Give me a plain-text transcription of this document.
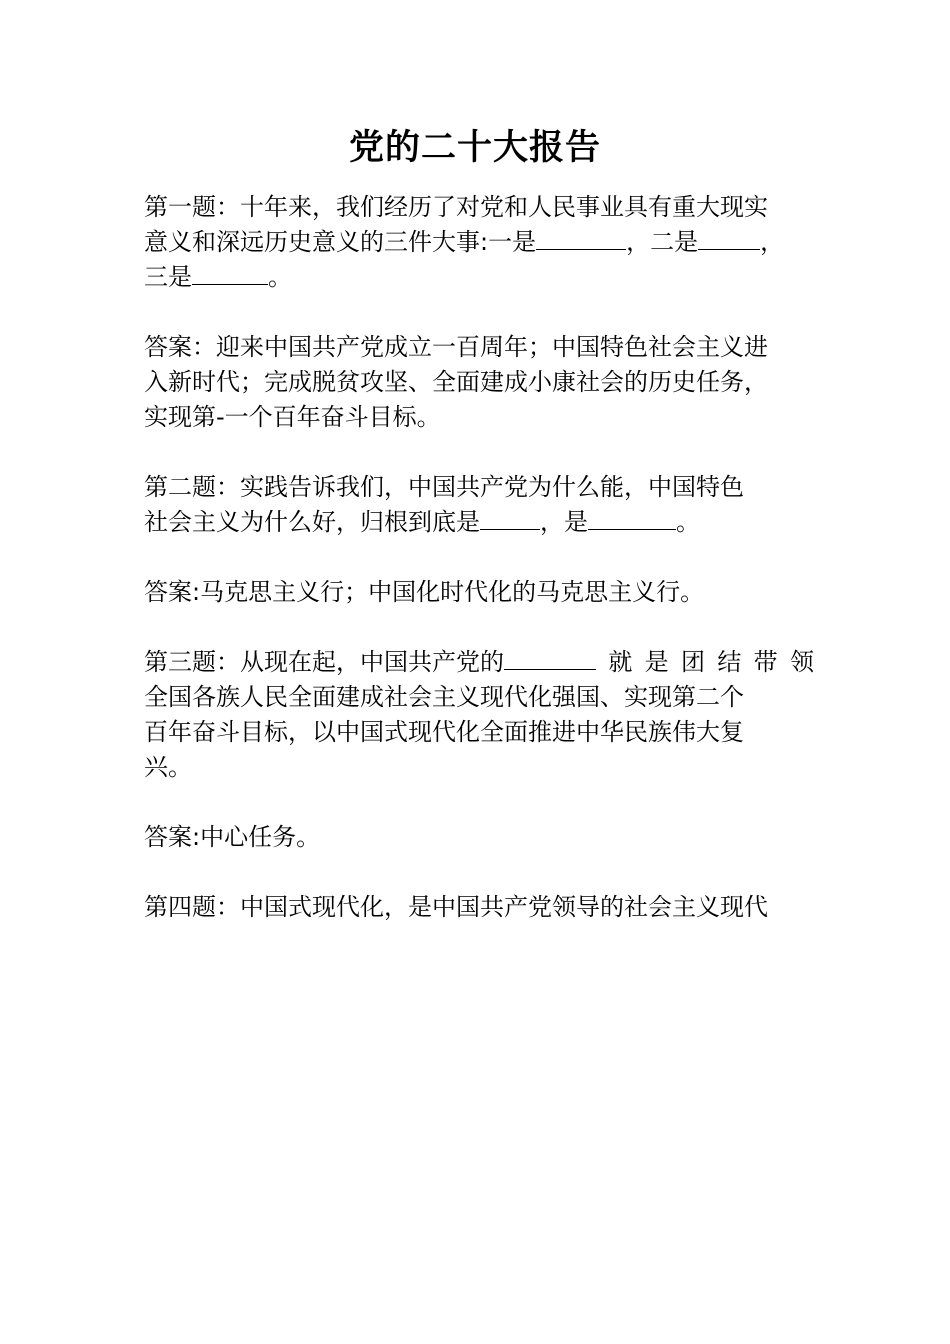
党的二十大报告

第一题：十年来，我们经历了对党和人民事业具有重大现实
意义和深远历史意义的三件大事:一是	，二是	，
三是	。

答案：迎来中国共产党成立一百周年；中国特色社会主义进
入新时代；完成脱贫攻坚、全面建成小康社会的历史任务，
实现第-一个百年奋斗目标。

第二题：实践告诉我们，中国共产党为什么能，中国特色
社会主义为什么好，归根到底是	，是	。

答案:马克思主义行；中国化时代化的马克思主义行。

第三题：从现在起，中国共产党的	就 是 团 结 带 领
全国各族人民全面建成社会主义现代化强国、实现第二个
百年奋斗目标，以中国式现代化全面推进中华民族伟大复
兴。

答案:中心任务。

第四题：中国式现代化，是中国共产党领导的社会主义现代
